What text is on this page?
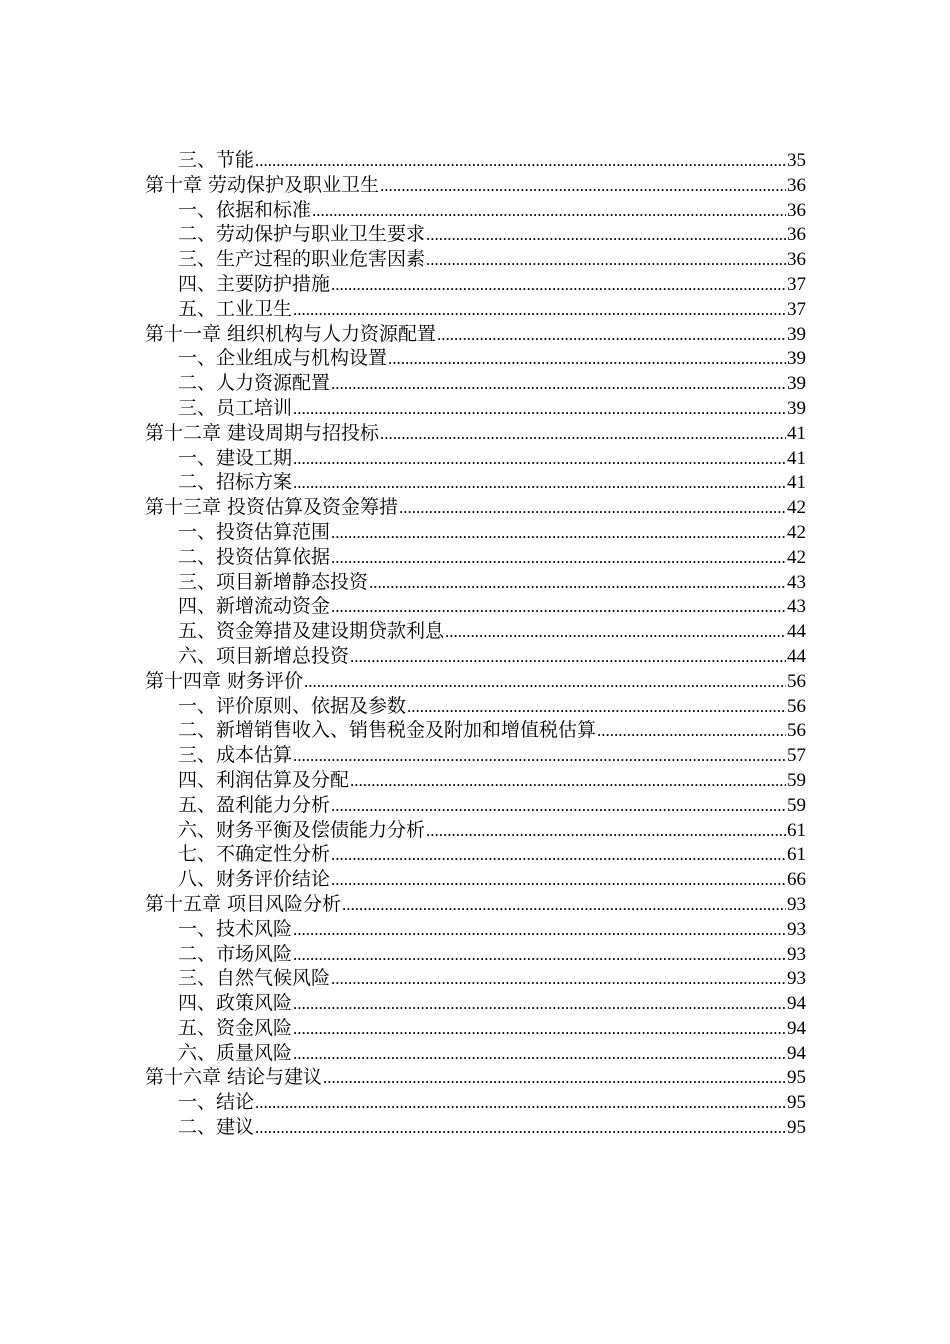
三、节能 .....	35
第十章 劳动保护及职业卫生 .....	36
一、依据和标准 .....	36
二、劳动保护与职业卫生要求 .....	36
三、生产过程的职业危害因素 .....	36
四、主要防护措施 .....	37
五、工业卫生 .....	37
第十一章 组织机构与人力资源配置 .....	39
一、企业组成与机构设置 .....	39
二、人力资源配置 .....	39
三、员工培训 .....	39
第十二章 建设周期与招投标 .....	41
一、建设工期 .....	41
二、招标方案 .....	41
第十三章 投资估算及资金筹措 .....	42
一、投资估算范围 .....	42
二、投资估算依据 .....	42
三、项目新增静态投资 .....	43
四、新增流动资金 .....	43
五、资金筹措及建设期贷款利息 .....	44
六、项目新增总投资 .....	44
第十四章 财务评价 .....	56
一、评价原则、依据及参数 .....	56
二、新增销售收入、销售税金及附加和增值税估算 .....	56
三、成本估算 .....	57
四、利润估算及分配 .....	59
五、盈利能力分析 .....	59
六、财务平衡及偿债能力分析 .....	61
七、不确定性分析 .....	61
八、财务评价结论 .....	66
第十五章 项目风险分析 .....	93
一、技术风险 .....	93
二、市场风险 .....	93
三、自然气候风险 .....	93
四、政策风险 .....	94
五、资金风险 .....	94
六、质量风险 .....	94
第十六章 结论与建议 .....	95
一、结论 .....	95
二、建议 .....	95
